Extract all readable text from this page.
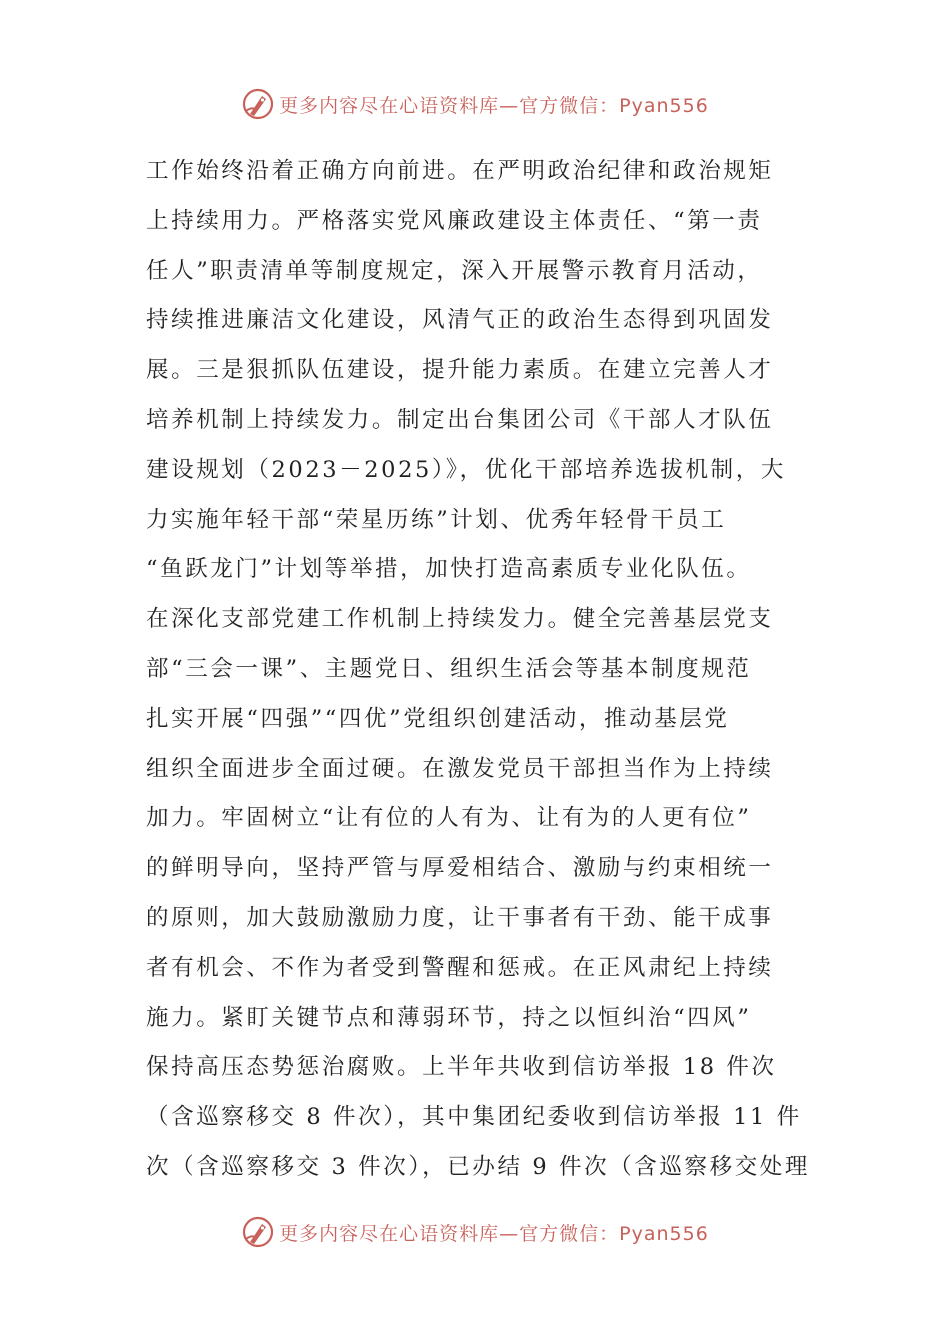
更多内容尽在心语资料库—官方微信：Pyan556
工作始终沿着正确方向前进。在严明政治纪律和政治规矩
上持续用力。严格落实党风廉政建设主体责任、“第一责
任人”职责清单等制度规定，深入开展警示教育月活动，
持续推进廉洁文化建设，风清气正的政治生态得到巩固发
展。三是狠抓队伍建设，提升能力素质。在建立完善人才
培养机制上持续发力。制定出台集团公司《干部人才队伍
建设规划（2023－2025）》，优化干部培养选拔机制，大
力实施年轻干部“荣星历练”计划、优秀年轻骨干员工
“鱼跃龙门”计划等举措，加快打造高素质专业化队伍。
在深化支部党建工作机制上持续发力。健全完善基层党支
部“三会一课”、主题党日、组织生活会等基本制度规范
扎实开展“四强”“四优”党组织创建活动，推动基层党
组织全面进步全面过硬。在激发党员干部担当作为上持续
加力。牢固树立“让有位的人有为、让有为的人更有位”
的鲜明导向，坚持严管与厚爱相结合、激励与约束相统一
的原则，加大鼓励激励力度，让干事者有干劲、能干成事
者有机会、不作为者受到警醒和惩戒。在正风肃纪上持续
施力。紧盯关键节点和薄弱环节，持之以恒纠治“四风”
保持高压态势惩治腐败。上半年共收到信访举报 18 件次
（含巡察移交 8 件次），其中集团纪委收到信访举报 11 件
次（含巡察移交 3 件次），已办结 9 件次（含巡察移交处理
更多内容尽在心语资料库—官方微信：Pyan556
